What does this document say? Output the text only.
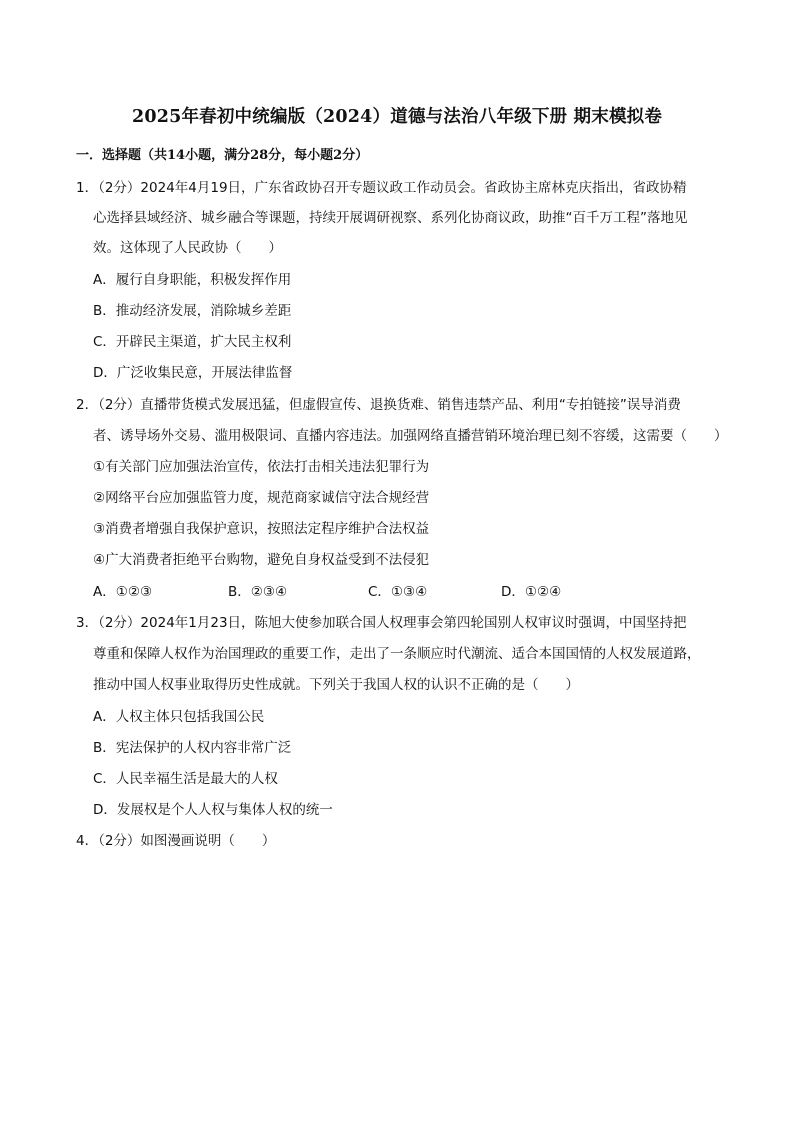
2025年春初中统编版（2024）道德与法治八年级下册 期末模拟卷
一．选择题（共14小题，满分28分，每小题2分）
1．（2分）2024年4月19日，广东省政协召开专题议政工作动员会。省政协主席林克庆指出，省政协精
心选择县域经济、城乡融合等课题，持续开展调研视察、系列化协商议政，助推“百千万工程”落地见
效。这体现了人民政协（　　）
A．履行自身职能，积极发挥作用
B．推动经济发展，消除城乡差距
C．开辟民主渠道，扩大民主权利
D．广泛收集民意，开展法律监督
2．（2分）直播带货模式发展迅猛，但虚假宣传、退换货难、销售违禁产品、利用“专拍链接”误导消费
者、诱导场外交易、滥用极限词、直播内容违法。加强网络直播营销环境治理已刻不容缓，这需要（　　）
①有关部门应加强法治宣传，依法打击相关违法犯罪行为
②网络平台应加强监管力度，规范商家诚信守法合规经营
③消费者增强自我保护意识，按照法定程序维护合法权益
④广大消费者拒绝平台购物，避免自身权益受到不法侵犯
A．①②③	B．②③④	C．①③④	D．①②④
3．（2分）2024年1月23日，陈旭大使参加联合国人权理事会第四轮国别人权审议时强调，中国坚持把
尊重和保障人权作为治国理政的重要工作，走出了一条顺应时代潮流、适合本国国情的人权发展道路，
推动中国人权事业取得历史性成就。下列关于我国人权的认识不正确的是（　　）
A．人权主体只包括我国公民
B．宪法保护的人权内容非常广泛
C．人民幸福生活是最大的人权
D．发展权是个人人权与集体人权的统一
4．（2分）如图漫画说明（　　）
